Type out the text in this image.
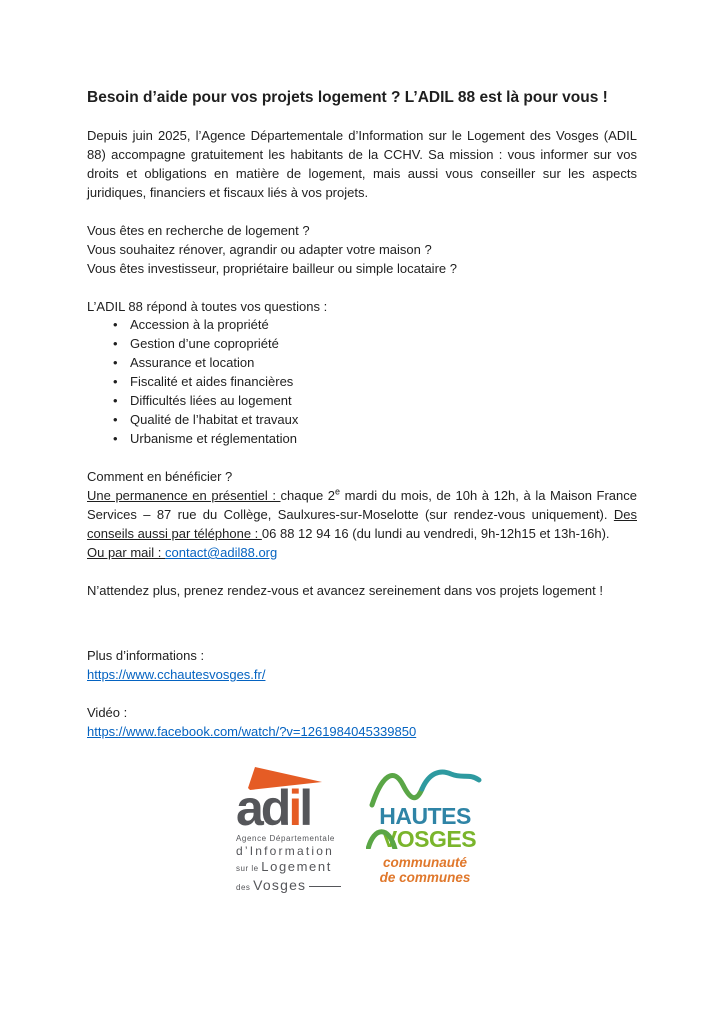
Besoin d’aide pour vos projets logement ? L’ADIL 88 est là pour vous !

Depuis juin 2025, l’Agence Départementale d’Information sur le Logement des Vosges (ADIL 88) accompagne gratuitement les habitants de la CCHV. Sa mission : vous informer sur vos droits et obligations en matière de logement, mais aussi vous conseiller sur les aspects juridiques, financiers et fiscaux liés à vos projets.

Vous êtes en recherche de logement ?
Vous souhaitez rénover, agrandir ou adapter votre maison ?
Vous êtes investisseur, propriétaire bailleur ou simple locataire ?

L’ADIL 88 répond à toutes vos questions :
• Accession à la propriété
• Gestion d’une copropriété
• Assurance et location
• Fiscalité et aides financières
• Difficultés liées au logement
• Qualité de l’habitat et travaux
• Urbanisme et réglementation

Comment en bénéficier ?
Une permanence en présentiel : chaque 2e mardi du mois, de 10h à 12h, à la Maison France Services – 87 rue du Collège, Saulxures-sur-Moselotte (sur rendez-vous uniquement). Des conseils aussi par téléphone : 06 88 12 94 16 (du lundi au vendredi, 9h-12h15 et 13h-16h).
Ou par mail : contact@adil88.org

N’attendez plus, prenez rendez-vous et avancez sereinement dans vos projets logement !

Plus d’informations :
https://www.cchautesvosges.fr/
Vidéo :
https://www.facebook.com/watch/?v=1261984045339850
adil
Agence Départementale
d’Information
sur le Logement
des Vosges
HAUTES
VOSGES
communauté
de communes
